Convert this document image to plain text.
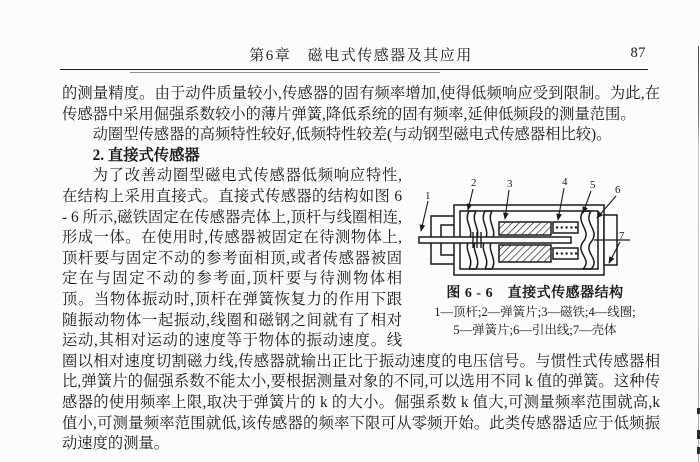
第6章　磁电式传感器及其应用	87

的测量精度。由于动件质量较小,传感器的固有频率增加,使得低频响应受到限制。为此,在传感器中采用倔强系数较小的薄片弹簧,降低系统的固有频率,延伸低频段的测量范围。

动圈型传感器的高频特性较好,低频特性较差(与动钢型磁电式传感器相比较)。

2. 直接式传感器

1
2	3	4 5 6
7
图 6 - 6　直接式传感器结构
1—顶杆;2—弹簧片;3—磁铁;4—线圈;
5—弹簧片;6—引出线;7—壳体

为了改善动圈型磁电式传感器低频响应特性,在结构上采用直接式。直接式传感器的结构如图 6 - 6 所示,磁铁固定在传感器壳体上,顶杆与线圈相连,形成一体。在使用时,传感器被固定在待测物体上,顶杆要与固定不动的参考面相顶,或者传感器被固定在与固定不动的参考面,顶杆要与待测物体相顶。当物体振动时,顶杆在弹簧恢复力的作用下跟随振动物体一起振动,线圈和磁钢之间就有了相对运动,其相对运动的速度等于物体的振动速度。线圈以相对速度切割磁力线,传感器就输出正比于振动速度的电压信号。与惯性式传感器相比,弹簧片的倔强系数不能太小,要根据测量对象的不同,可以选用不同 k 值的弹簧。这种传感器的使用频率上限,取决于弹簧片的 k 的大小。倔强系数 k 值大,可测量频率范围就高,k 值小,可测量频率范围就低,该传感器的频率下限可从零频开始。此类传感器适应于低频振动速度的测量。
